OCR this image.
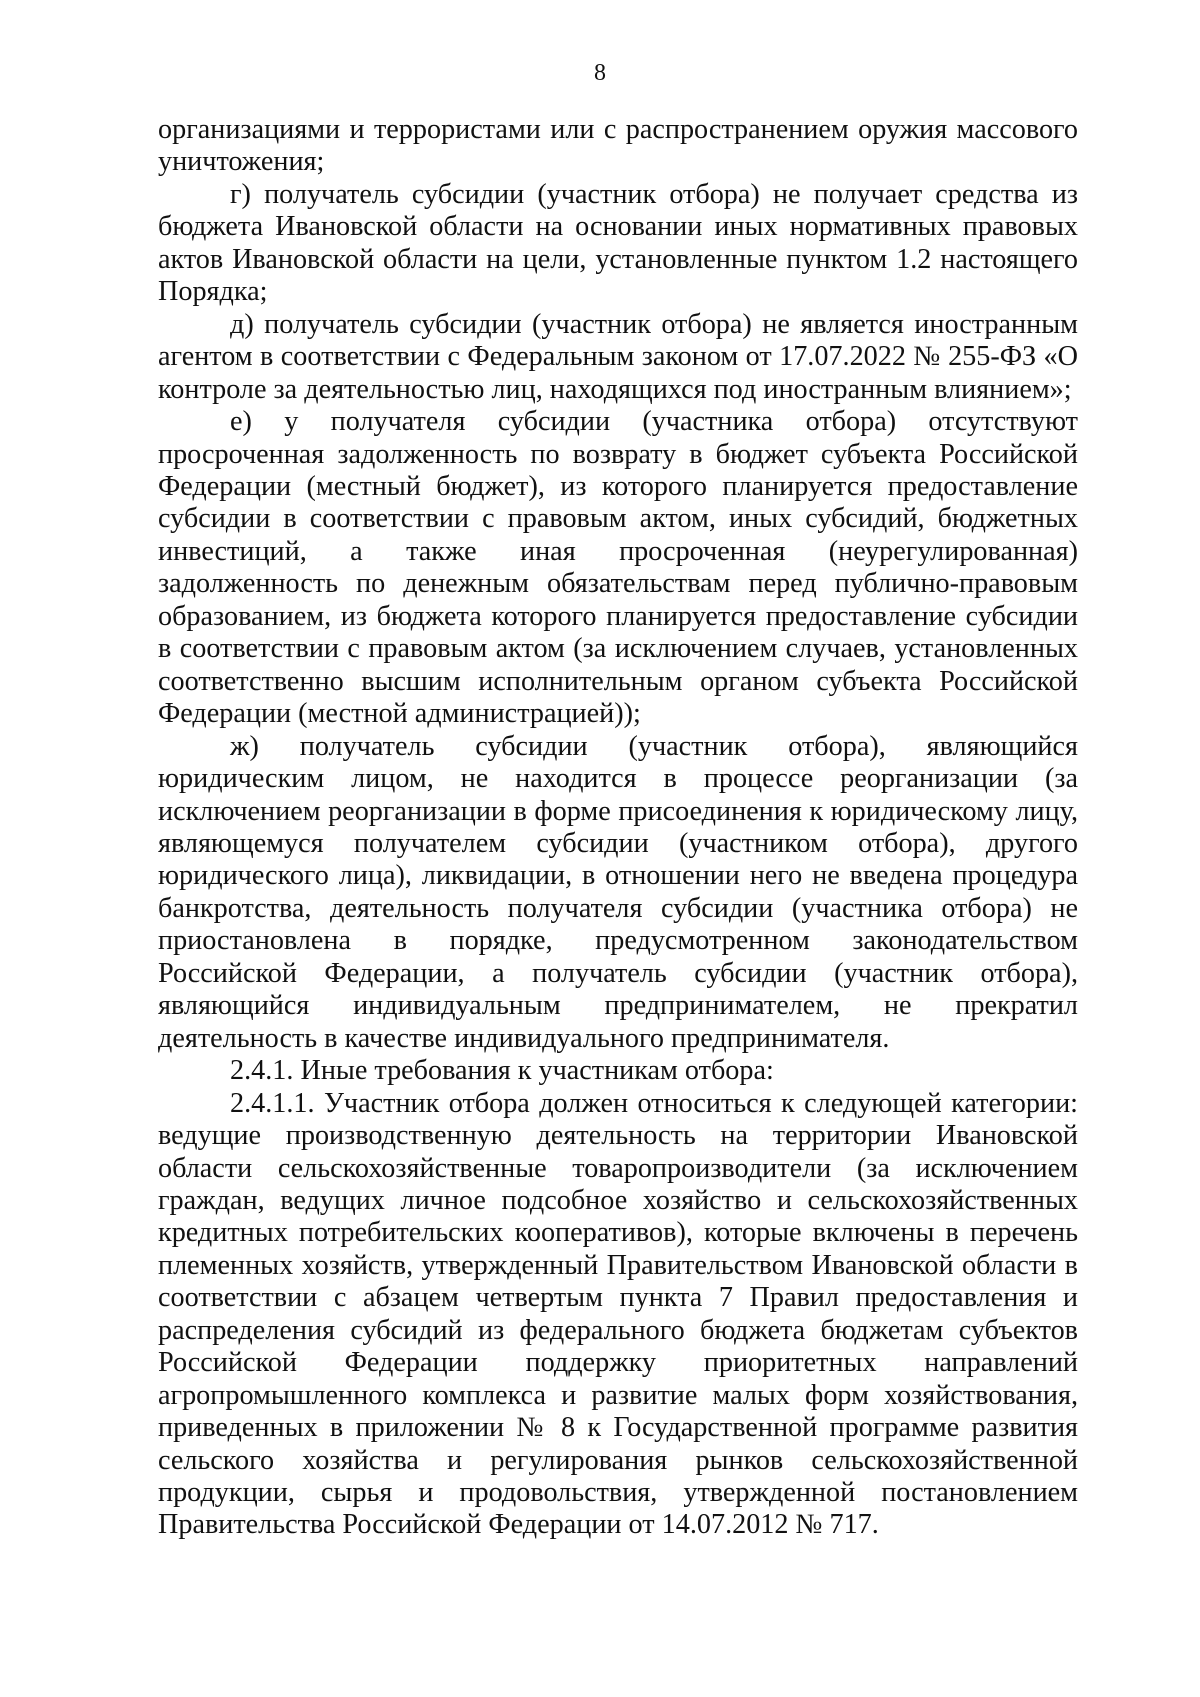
8

организациями и террористами или с распространением оружия массового уничтожения;

г) получатель субсидии (участник отбора) не получает средства из бюджета Ивановской области на основании иных нормативных правовых актов Ивановской области на цели, установленные пунктом 1.2 настоящего Порядка;

д) получатель субсидии (участник отбора) не является иностранным агентом в соответствии с Федеральным законом от 17.07.2022 № 255-ФЗ «О контроле за деятельностью лиц, находящихся под иностранным влиянием»;

е) у получателя субсидии (участника отбора) отсутствуют просроченная задолженность по возврату в бюджет субъекта Российской Федерации (местный бюджет), из которого планируется предоставление субсидии в соответствии с правовым актом, иных субсидий, бюджетных инвестиций, а также иная просроченная (неурегулированная) задолженность по денежным обязательствам перед публично-правовым образованием, из бюджета которого планируется предоставление субсидии в соответствии с правовым актом (за исключением случаев, установленных соответственно высшим исполнительным органом субъекта Российской Федерации (местной администрацией));

ж) получатель субсидии (участник отбора), являющийся юридическим лицом, не находится в процессе реорганизации (за исключением реорганизации в форме присоединения к юридическому лицу, являющемуся получателем субсидии (участником отбора), другого юридического лица), ликвидации, в отношении него не введена процедура банкротства, деятельность получателя субсидии (участника отбора) не приостановлена в порядке, предусмотренном законодательством Российской Федерации, а получатель субсидии (участник отбора), являющийся индивидуальным предпринимателем, не прекратил деятельность в качестве индивидуального предпринимателя.

2.4.1. Иные требования к участникам отбора:

2.4.1.1. Участник отбора должен относиться к следующей категории: ведущие производственную деятельность на территории Ивановской области сельскохозяйственные товаропроизводители (за исключением граждан, ведущих личное подсобное хозяйство и сельскохозяйственных кредитных потребительских кооперативов), которые включены в перечень племенных хозяйств, утвержденный Правительством Ивановской области в соответствии с абзацем четвертым пункта 7 Правил предоставления и распределения субсидий из федерального бюджета бюджетам субъектов Российской Федерации поддержку приоритетных направлений агропромышленного комплекса и развитие малых форм хозяйствования, приведенных в приложении № 8 к Государственной программе развития сельского хозяйства и регулирования рынков сельскохозяйственной продукции, сырья и продовольствия, утвержденной постановлением Правительства Российской Федерации от 14.07.2012 № 717.
